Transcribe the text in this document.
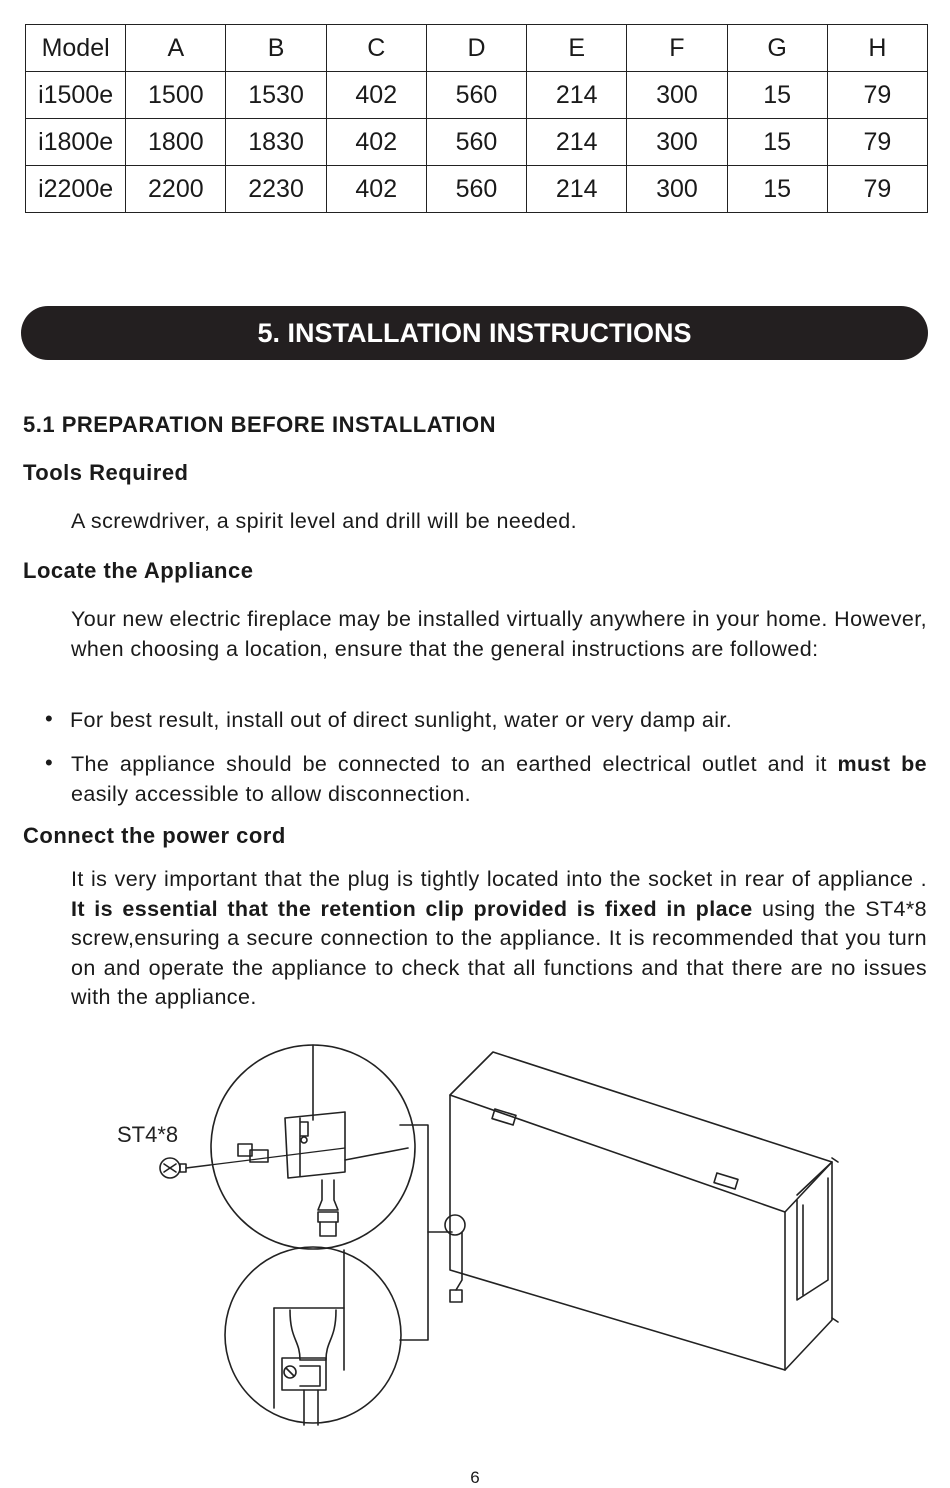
Model	A	B	C	D	E	F	G	H
i1500e	1500	1530	402	560	214	300	15	79
i1800e	1800	1830	402	560	214	300	15	79
i2200e	2200	2230	402	560	214	300	15	79
5. INSTALLATION INSTRUCTIONS
5.1 PREPARATION BEFORE INSTALLATION
Tools Required
A screwdriver, a spirit level and drill will be needed.
Locate the Appliance
Your new electric fireplace may be installed virtually anywhere in your home. However, when choosing a location, ensure that the general instructions are followed:
• For best result, install out of direct sunlight, water or very damp air.
• The appliance should be connected to an earthed electrical outlet and it must be easily accessible to allow disconnection.
Connect the power cord
It is very important that the plug is tightly located into the socket in rear of appliance . It is essential that the retention clip provided is fixed in place using the ST4*8 screw,ensuring a secure connection to the appliance. It is recommended that you turn on and operate the appliance to check that all functions and that there are no issues with the appliance.
ST4*8
6
